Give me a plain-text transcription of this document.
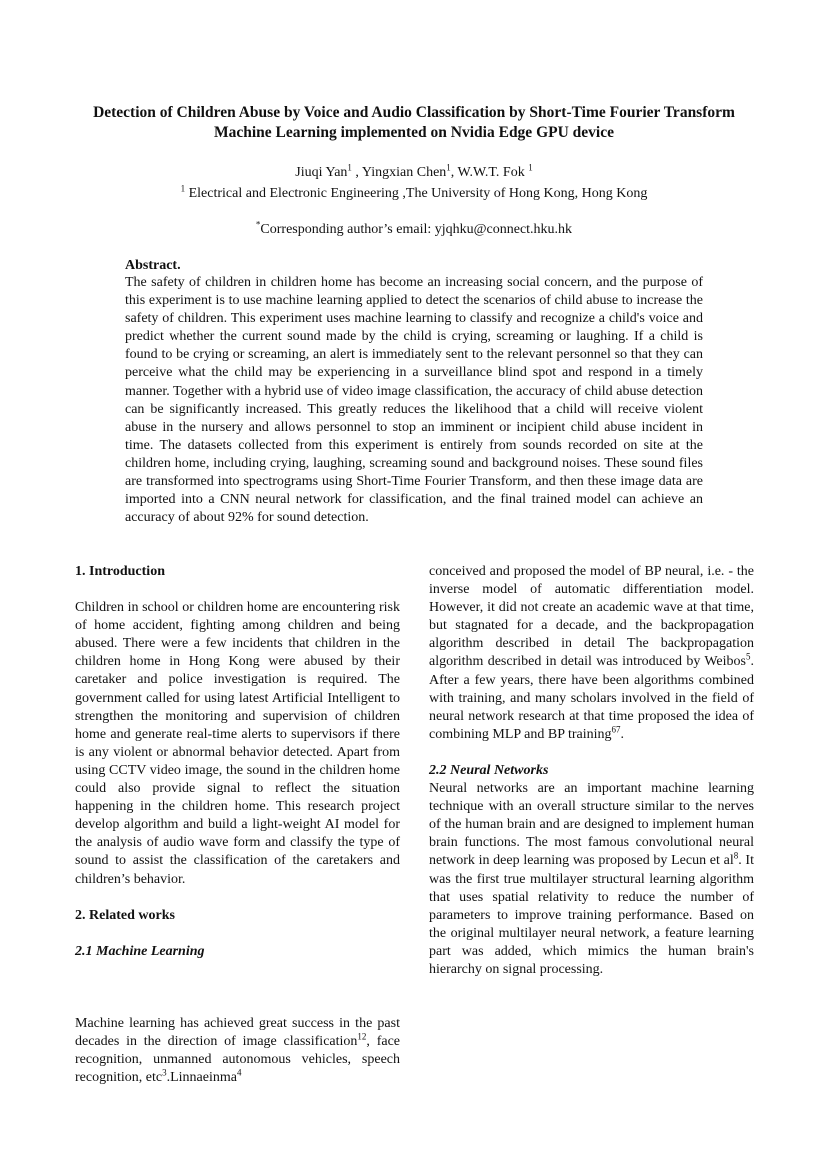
Detection of Children Abuse by Voice and Audio Classification by Short-Time Fourier Transform Machine Learning implemented on Nvidia Edge GPU device
Jiuqi Yan$^1$ , Yingxian Chen$^1$, W.W.T. Fok $^1$
$^1$ Electrical and Electronic Engineering ,The University of Hong Kong, Hong Kong
*Corresponding author’s email: yjqhku@connect.hku.hk
Abstract.

The safety of children in children home has become an increasing social concern, and the purpose of this experiment is to use machine learning applied to detect the scenarios of child abuse to increase the safety of children. This experiment uses machine learning to classify and recognize a child's voice and predict whether the current sound made by the child is crying, screaming or laughing. If a child is found to be crying or screaming, an alert is immediately sent to the relevant personnel so that they can perceive what the child may be experiencing in a surveillance blind spot and respond in a timely manner. Together with a hybrid use of video image classification, the accuracy of child abuse detection can be significantly increased. This greatly reduces the likelihood that a child will receive violent abuse in the nursery and allows personnel to stop an imminent or incipient child abuse incident in time. The datasets collected from this experiment is entirely from sounds recorded on site at the children home, including crying, laughing, screaming sound and background noises. These sound files are transformed into spectrograms using Short-Time Fourier Transform, and then these image data are imported into a CNN neural network for classification, and the final trained model can achieve an accuracy of about 92% for sound detection.

1. Introduction

Children in school or children home are encountering risk of home accident, fighting among children and being abused. There were a few incidents that children in the children home in Hong Kong were abused by their caretaker and police investigation is required. The government called for using latest Artificial Intelligent to strengthen the monitoring and supervision of children home and generate real-time alerts to supervisors if there is any violent or abnormal behavior detected. Apart from using CCTV video image, the sound in the children home could also provide signal to reflect the situation happening in the children home. This research project develop algorithm and build a light-weight AI model for the analysis of audio wave form and classify the type of sound to assist the classification of the caretakers and children’s behavior.

2. Related works

2.1 Machine Learning

conceived and proposed the model of BP neural, i.e. - the inverse model of automatic differentiation model. However, it did not create an academic wave at that time, but stagnated for a decade, and the backpropagation algorithm described in detail The backpropagation algorithm described in detail was introduced by Weibos$^5$. After a few years, there have been algorithms combined with training, and many scholars involved in the field of neural network research at that time proposed the idea of combining MLP and BP training$^{67}$.

2.2 Neural Networks

Neural networks are an important machine learning technique with an overall structure similar to the nerves of the human brain and are designed to implement human brain functions. The most famous convolutional neural network in deep learning was proposed by Lecun et $al^8$. It was the first true multilayer structural learning algorithm that uses spatial relativity to reduce the number of parameters to improve training performance. Based on the original multilayer neural network, a feature learning part was added, which mimics the human brain's hierarchy on signal processing.

Machine learning has achieved great success in the past decades in the direction of image classification$^{12}$, face recognition, unmanned autonomous vehicles, speech recognition, etc$^3$.Linnaeinma$^4$
